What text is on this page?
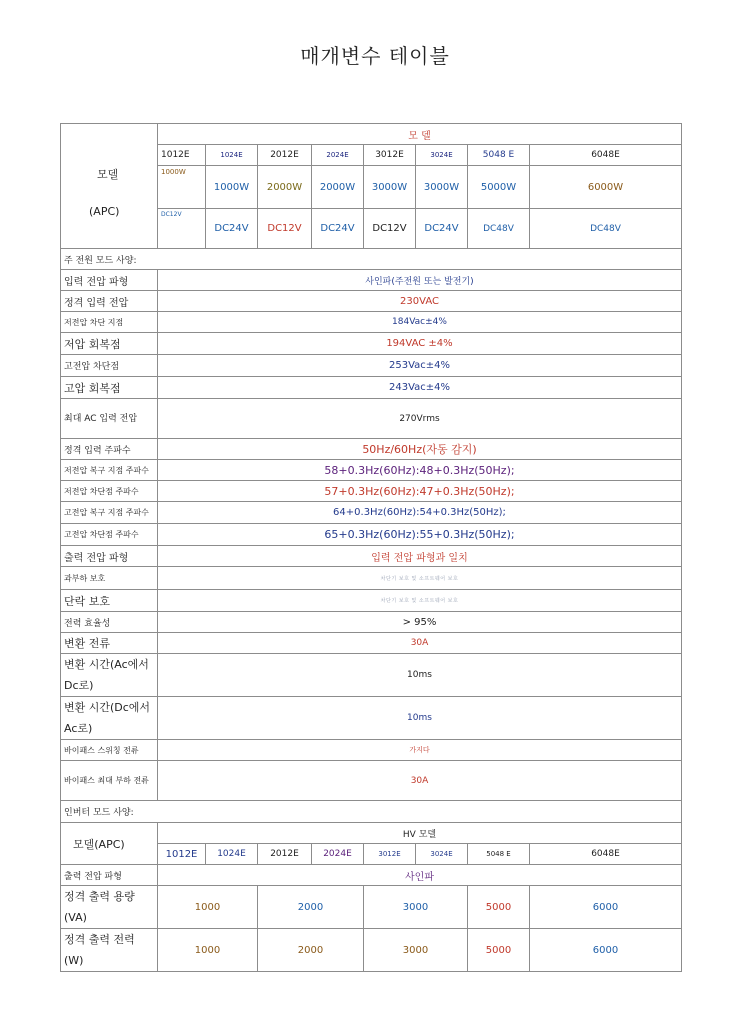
매개변수 테이블
모델
(APC)	모 델							
	1012E	1024E	2012E	2024E	3012E	3024E	5048 E	6048E
	1000W	1000W	2000W	2000W	3000W	3000W	5000W	6000W
	DC12V	DC24V	DC12V	DC24V	DC12V	DC24V	DC48V	DC48V
주 전원 모드 사양:								
입력 전압 파형	사인파(주전원 또는 발전기)							
정격 입력 전압	230VAC							
저전압 차단 지점	184Vac±4%							
저압 회복점	194VAC ±4%							
고전압 차단점	253Vac±4%							
고압 회복점	243Vac±4%							
최대 AC 입력 전압	270Vrms							
정격 입력 주파수	50Hz/60Hz(자동 감지)							
저전압 복구 지점 주파수	58+0.3Hz(60Hz):48+0.3Hz(50Hz);							
저전압 차단점 주파수	57+0.3Hz(60Hz):47+0.3Hz(50Hz);							
고전압 복구 지점 주파수	64+0.3Hz(60Hz):54+0.3Hz(50Hz);							
고전압 차단점 주파수	65+0.3Hz(60Hz):55+0.3Hz(50Hz);							
출력 전압 파형	입력 전압 파형과 일치							
과부하 보호	차단기 보호 및 소프트웨어 보호							
단락 보호	차단기 보호 및 소프트웨어 보호							
전력 효율성	> 95%							
변환 전류	30A							
변환 시간(Ac에서 Dc로)	10ms							
변환 시간(Dc에서 Ac로)	10ms							
바이패스 스위칭 전류	가지다							
바이패스 최대 부하 전류	30A							
인버터 모드 사양:								
모델(APC)	HV 모델							
	1012E	1024E	2012E	2024E	3012E	3024E	5048 E	6048E
출력 전압 파형	사인파							
정격 출력 용량 (VA)	1000		2000		3000		5000	6000
정격 출력 전력 (W)	1000		2000		3000		5000	6000
